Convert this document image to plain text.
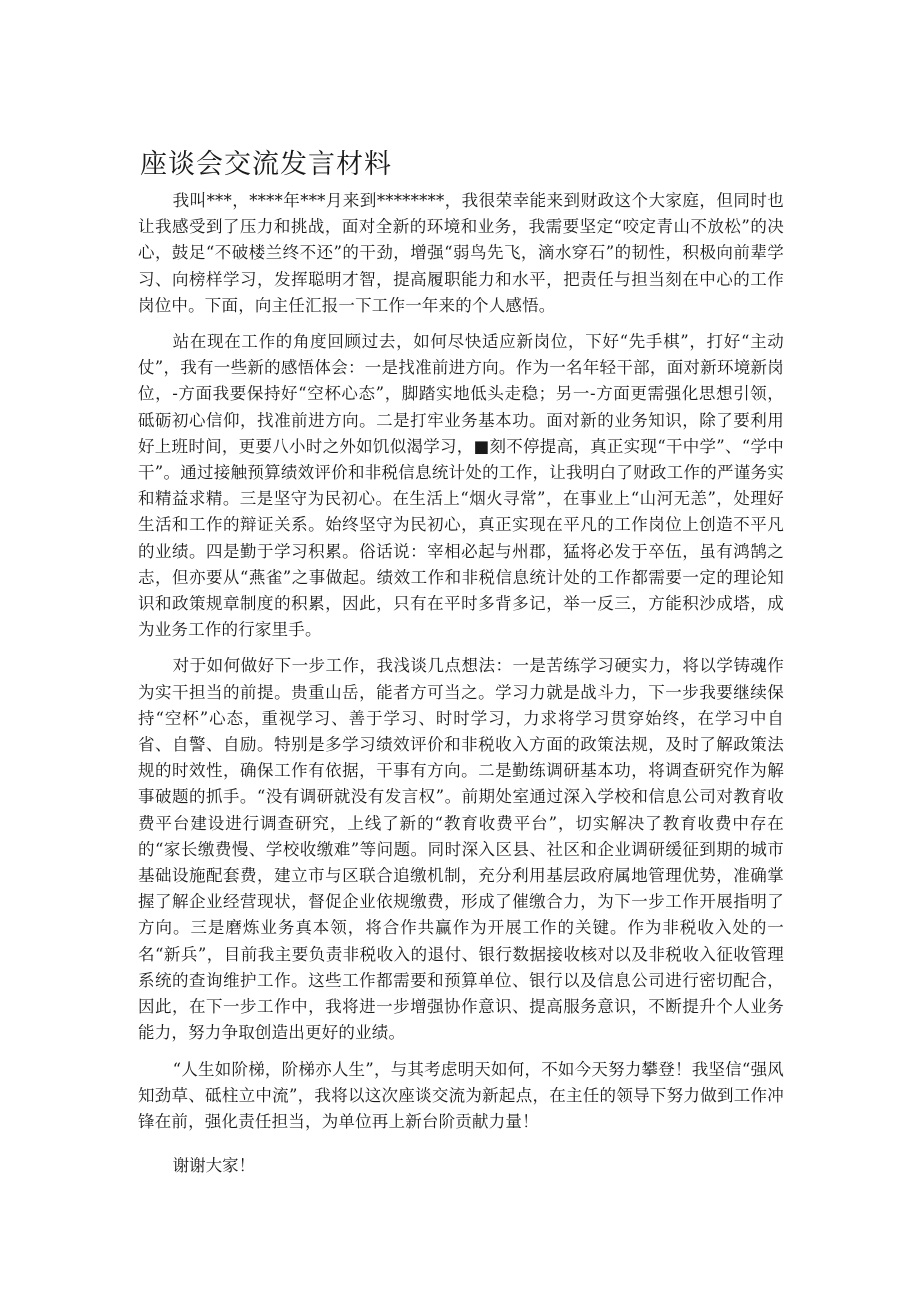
座谈会交流发言材料

我叫***，****年***月来到********，我很荣幸能来到财政这个大家庭，但同时也让我感受到了压力和挑战，面对全新的环境和业务，我需要坚定“咬定青山不放松”的决心，鼓足“不破楼兰终不还”的干劲，增强“弱鸟先飞，滴水穿石”的韧性，积极向前辈学习、向榜样学习，发挥聪明才智，提高履职能力和水平，把责任与担当刻在中心的工作岗位中。下面，向主任汇报一下工作一年来的个人感悟。

站在现在工作的角度回顾过去，如何尽快适应新岗位，下好“先手棋”，打好“主动仗”，我有一些新的感悟体会：一是找准前进方向。作为一名年轻干部，面对新环境新岗位，-方面我要保持好“空杯心态”，脚踏实地低头走稳；另一-方面更需强化思想引领，砥砺初心信仰，找准前进方向。二是打牢业务基本功。面对新的业务知识，除了要利用好上班时间，更要八小时之外如饥似渴学习，■刻不停提高，真正实现“干中学”、“学中干”。通过接触预算绩效评价和非税信息统计处的工作，让我明白了财政工作的严谨务实和精益求精。三是坚守为民初心。在生活上“烟火寻常”，在事业上“山河无恙”，处理好生活和工作的辩证关系。始终坚守为民初心，真正实现在平凡的工作岗位上创造不平凡的业绩。四是勤于学习积累。俗话说：宰相必起与州郡，猛将必发于卒伍，虽有鸿鹄之志，但亦要从“燕雀”之事做起。绩效工作和非税信息统计处的工作都需要一定的理论知识和政策规章制度的积累，因此，只有在平时多背多记，举一反三，方能积沙成塔，成为业务工作的行家里手。

对于如何做好下一步工作，我浅谈几点想法：一是苦练学习硬实力，将以学铸魂作为实干担当的前提。贵重山岳，能者方可当之。学习力就是战斗力，下一步我要继续保持“空杯”心态，重视学习、善于学习、时时学习，力求将学习贯穿始终，在学习中自省、自警、自励。特别是多学习绩效评价和非税收入方面的政策法规，及时了解政策法规的时效性，确保工作有依据，干事有方向。二是勤练调研基本功，将调查研究作为解事破题的抓手。“没有调研就没有发言权”。前期处室通过深入学校和信息公司对教育收费平台建设进行调查研究，上线了新的“教育收费平台”，切实解决了教育收费中存在的“家长缴费慢、学校收缴难”等问题。同时深入区县、社区和企业调研缓征到期的城市基础设施配套费，建立市与区联合追缴机制，充分利用基层政府属地管理优势，准确掌握了解企业经营现状，督促企业依规缴费，形成了催缴合力，为下一步工作开展指明了方向。三是磨炼业务真本领，将合作共赢作为开展工作的关键。作为非税收入处的一名“新兵”，目前我主要负责非税收入的退付、银行数据接收核对以及非税收入征收管理系统的查询维护工作。这些工作都需要和预算单位、银行以及信息公司进行密切配合，因此，在下一步工作中，我将进一步增强协作意识、提高服务意识，不断提升个人业务能力，努力争取创造出更好的业绩。

“人生如阶梯，阶梯亦人生”，与其考虑明天如何，不如今天努力攀登！我坚信“强风知劲草、砥柱立中流”，我将以这次座谈交流为新起点，在主任的领导下努力做到工作冲锋在前，强化责任担当，为单位再上新台阶贡献力量！

谢谢大家！
